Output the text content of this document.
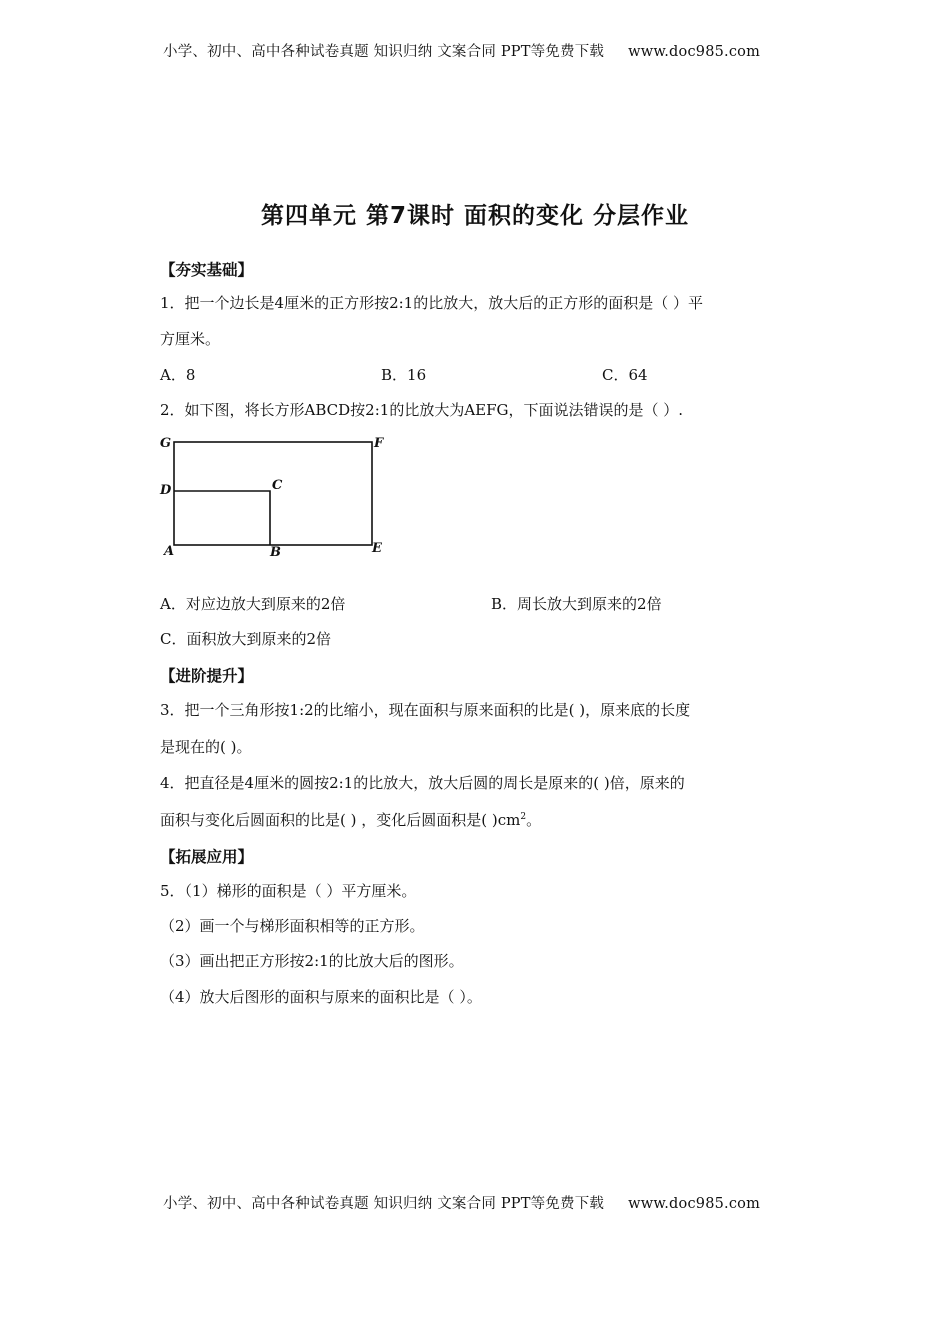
小学、初中、高中各种试卷真题 知识归纳 文案合同 PPT等免费下载 www.doc985.com
第四单元 第7课时 面积的变化 分层作业
【夯实基础】
1．把一个边长是4厘米的正方形按2:1的比放大，放大后的正方形的面积是（ ）平
方厘米。
A．8	B．16	C．64
2．如下图，将长方形ABCD按2:1的比放大为AEFG，下面说法错误的是（ ）.
G	F
D	C
A	B	E
A．对应边放大到原来的2倍	B．周长放大到原来的2倍
C．面积放大到原来的2倍
【进阶提升】
3．把一个三角形按1:2的比缩小，现在面积与原来面积的比是( )，原来底的长度
是现在的( )。
4．把直径是4厘米的圆按2:1的比放大，放大后圆的周长是原来的( )倍，原来的
面积与变化后圆面积的比是( ) ，变化后圆面积是( )$cm^2$。
【拓展应用】
5．（1）梯形的面积是（ ）平方厘米。
（2）画一个与梯形面积相等的正方形。
（3）画出把正方形按2:1的比放大后的图形。
（4）放大后图形的面积与原来的面积比是（ ）。
小学、初中、高中各种试卷真题 知识归纳 文案合同 PPT等免费下载 www.doc985.com
